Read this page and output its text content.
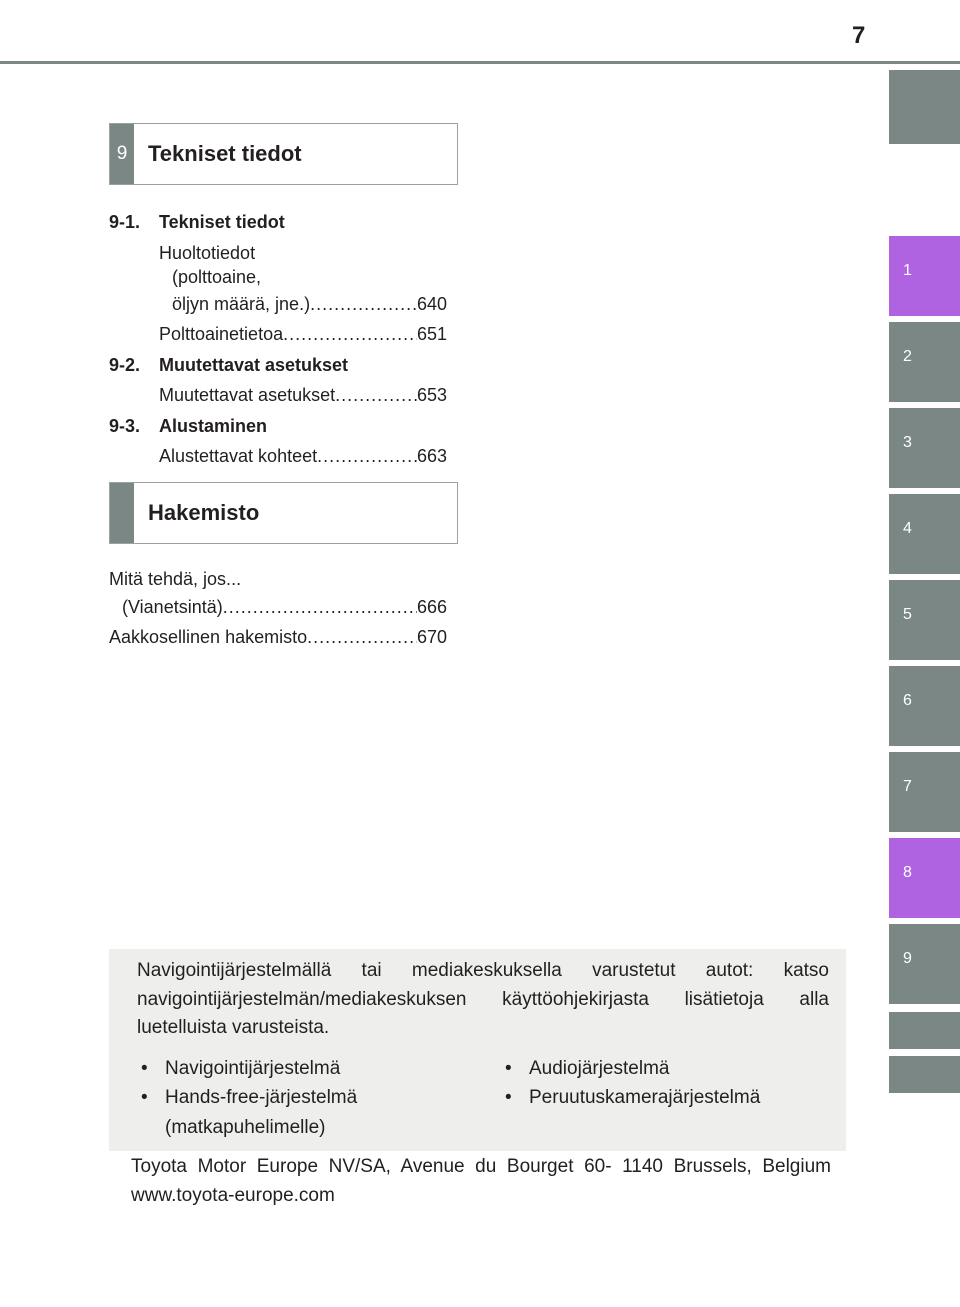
7
1
2
3
4
5
6
7
8
9
9 Tekniset tiedot
9-1. Tekniset tiedot
Huoltotiedot
(polttoaine,
öljyn määrä, jne.) .....	640
Polttoainetietoa .....	651
9-2. Muutettavat asetukset
Muutettavat asetukset .....	653
9-3. Alustaminen
Alustettavat kohteet .....	663
Hakemisto
Mitä tehdä, jos...
(Vianetsintä) .....	666
Aakkosellinen hakemisto .....	670
Navigointijärjestelmällä tai mediakeskuksella varustetut autot: katso navigointijärjestelmän/mediakeskuksen käyttöohjekirjasta lisätietoja alla luetelluista varusteista.
• Navigointijärjestelmä
• Hands-free-järjestelmä
(matkapuhelimelle)
• Audiojärjestelmä
• Peruutuskamerajärjestelmä
Toyota Motor Europe NV/SA, Avenue du Bourget 60- 1140 Brussels, Belgium www.toyota-europe.com
